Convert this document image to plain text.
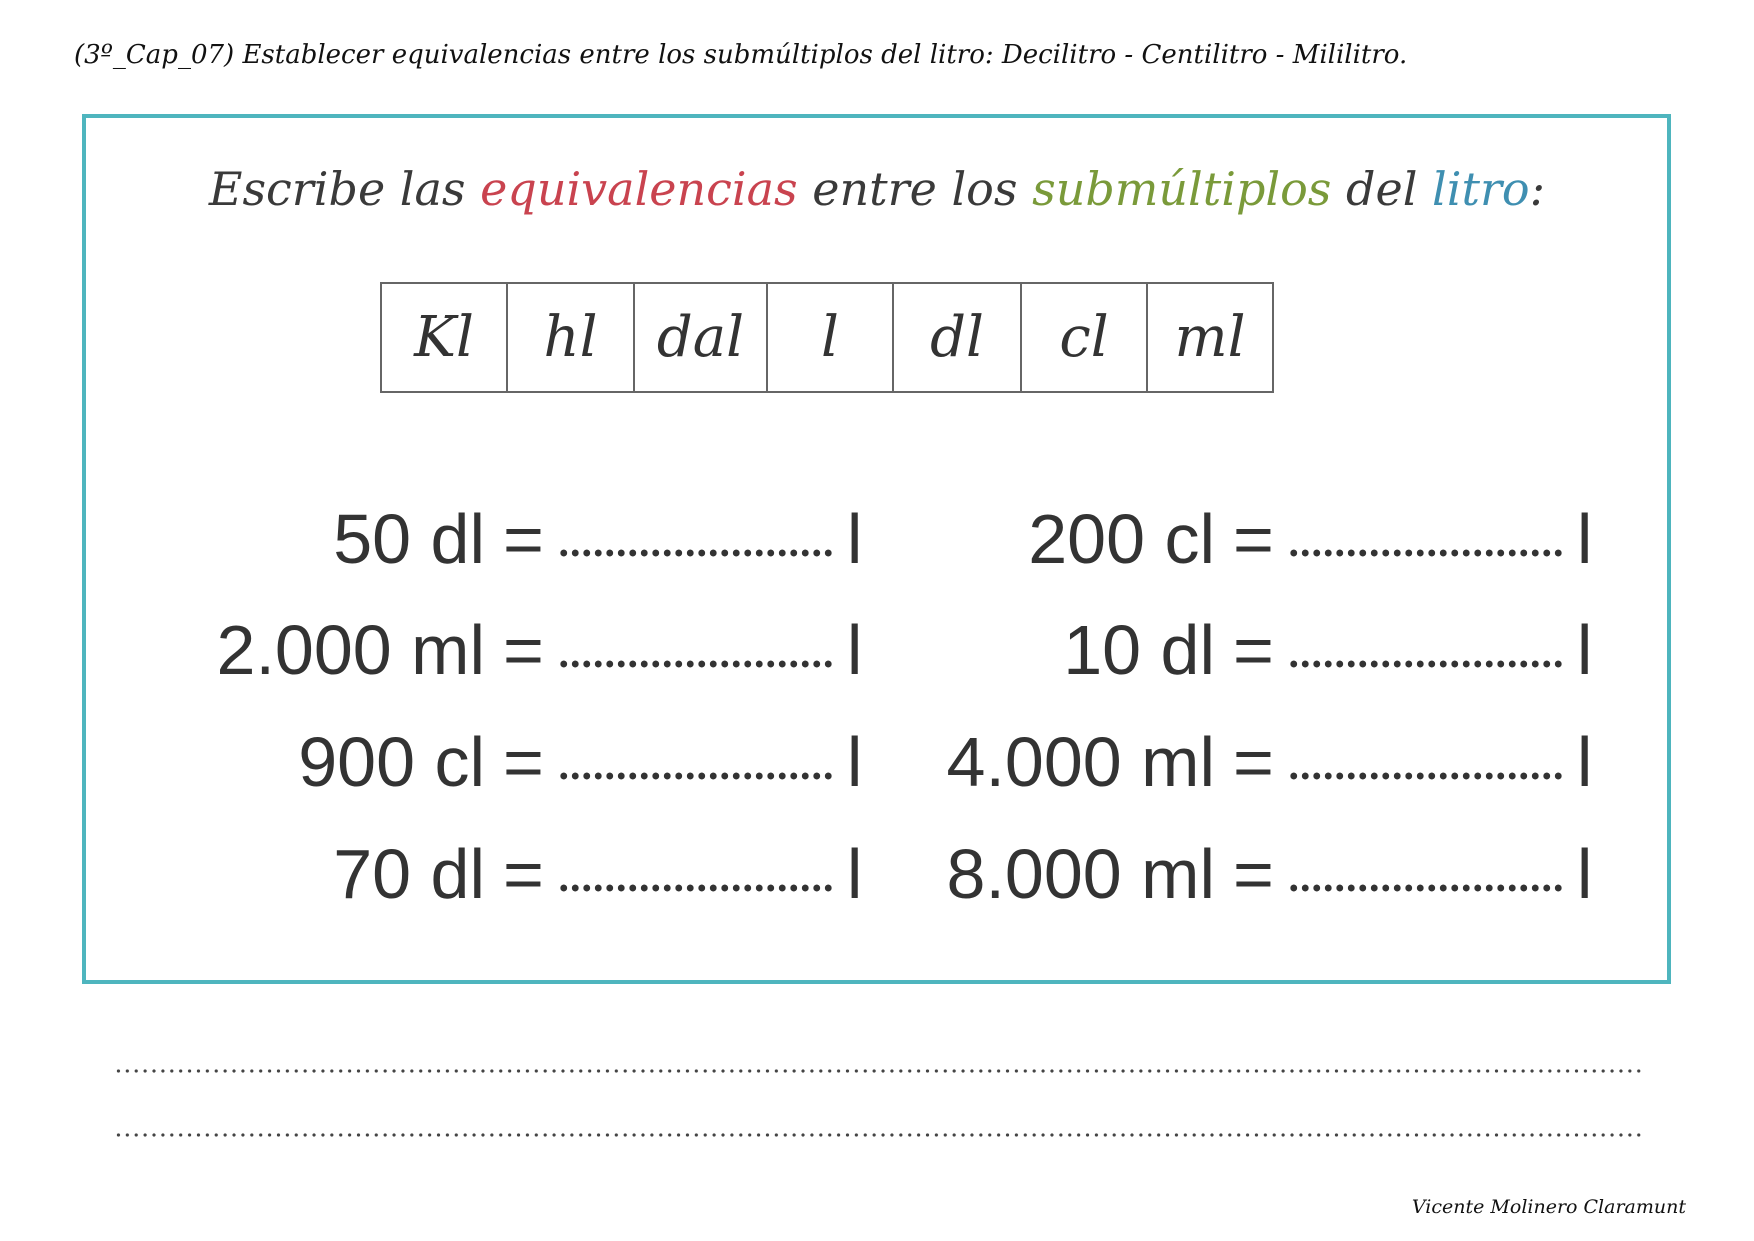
(3º_Cap_07) Establecer equivalencias entre los submúltiplos del litro: Decilitro - Centilitro - Mililitro.
Escribe las equivalencias entre los submúltiplos del litro:
Kl	hl	dal	l	dl	cl	ml
50 dl =	l
2.000 ml =	l
900 cl =	l
70 dl =	l
200 cl =	l
10 dl =	l
4.000 ml =	l
8.000 ml =	l
Vicente Molinero Claramunt
